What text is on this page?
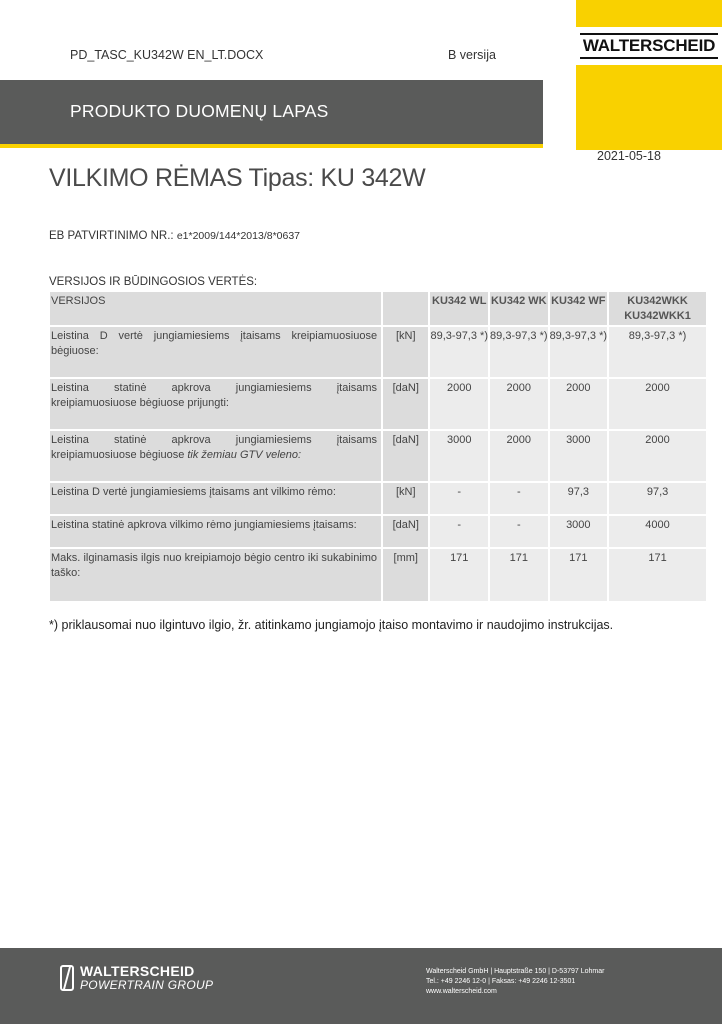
PD_TASC_KU342W EN_LT.DOCX	B versija	WALTERSCHEID
PRODUKTO DUOMENŲ LAPAS
2021-05-18
VILKIMO RĖMAS Tipas: KU 342W
EB PATVIRTINIMO NR.: e1*2009/144*2013/8*0637
VERSIJOS IR BŪDINGOSIOS VERTĖS:
VERSIJOS		KU342 WL	KU342 WK	KU342 WF	KU342WKK KU342WKK1
Leistina D vertė jungiamiesiems įtaisams kreipiamuosiuose bėgiuose:	[kN]	89,3-97,3 *)	89,3-97,3 *)	89,3-97,3 *)	89,3-97,3 *)
Leistina statinė apkrova jungiamiesiems įtaisams kreipiamuosiuose bėgiuose prijungti:	[daN]	2000	2000	2000	2000
Leistina statinė apkrova jungiamiesiems įtaisams kreipiamuosiuose bėgiuose tik žemiau GTV veleno:	[daN]	3000	2000	3000	2000
Leistina D vertė jungiamiesiems įtaisams ant vilkimo rėmo:	[kN]	-	-	97,3	97,3
Leistina statinė apkrova vilkimo rėmo jungiamiesiems įtaisams:	[daN]	-	-	3000	4000
Maks. ilginamasis ilgis nuo kreipiamojo bėgio centro iki sukabinimo taško:	[mm]	171	171	171	171
*) priklausomai nuo ilgintuvo ilgio, žr. atitinkamo jungiamojo įtaiso montavimo ir naudojimo instrukcijas.
WALTERSCHEID
POWERTRAIN GROUP
Walterscheid GmbH | Hauptstraße 150 | D-53797 Lohmar
Tel.: +49 2246 12-0 | Faksas: +49 2246 12-3501
www.walterscheid.com
